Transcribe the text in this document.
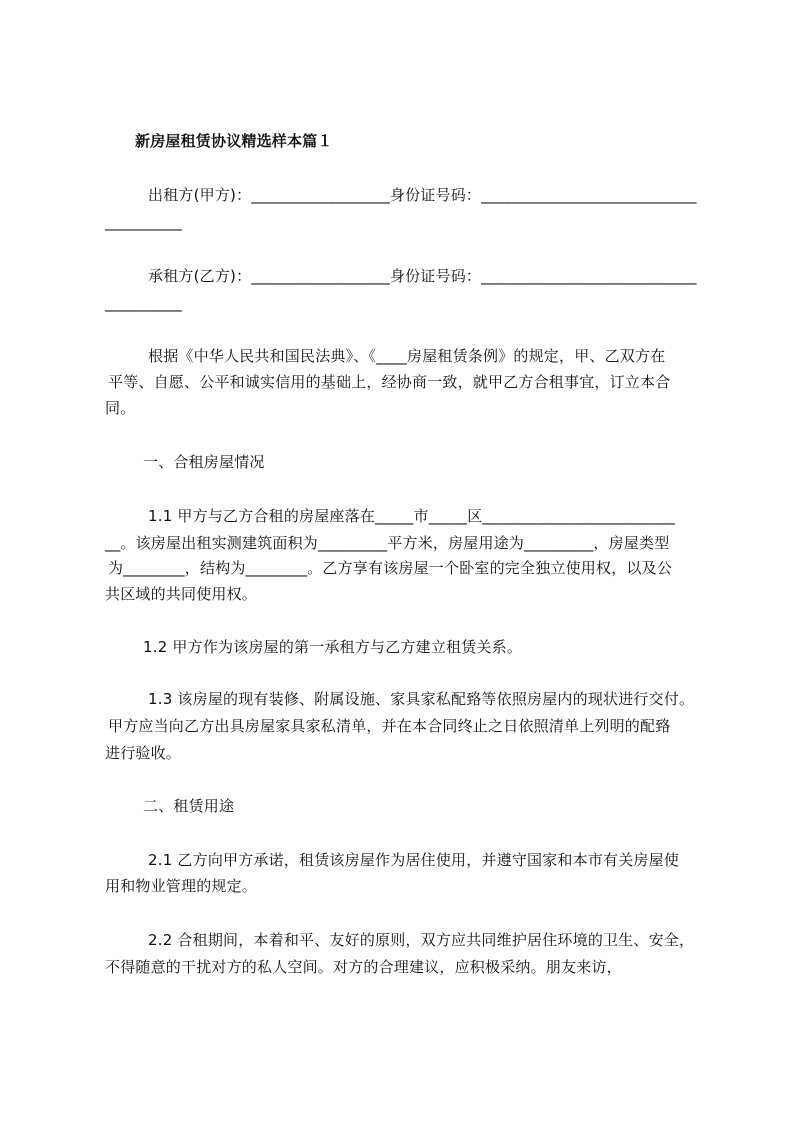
新房屋租赁协议精选样本篇１
出租方(甲方)：__________________身份证号码：____________________________
__________
承租方(乙方)：__________________身份证号码：____________________________
__________
根据《中华人民共和国民法典》、《____房屋租赁条例》的规定，甲、乙双方在
平等、自愿、公平和诚实信用的基础上，经协商一致，就甲乙方合租事宜，订立本合
同。
一、合租房屋情况
1.1 甲方与乙方合租的房屋座落在_____市_____区_________________________
__。该房屋出租实测建筑面积为_________平方米，房屋用途为_________，房屋类型
为________，结构为________。乙方享有该房屋一个卧室的完全独立使用权，以及公
共区域的共同使用权。
1.2 甲方作为该房屋的第一承租方与乙方建立租赁关系。
1.3 该房屋的现有装修、附属设施、家具家私配臵等依照房屋内的现状进行交付。
甲方应当向乙方出具房屋家具家私清单，并在本合同终止之日依照清单上列明的配臵
进行验收。
二、租赁用途
2.1 乙方向甲方承诺，租赁该房屋作为居住使用，并遵守国家和本市有关房屋使
用和物业管理的规定。
2.2 合租期间，本着和平、友好的原则，双方应共同维护居住环境的卫生、安全，
不得随意的干扰对方的私人空间。对方的合理建议，应积极采纳。朋友来访，
